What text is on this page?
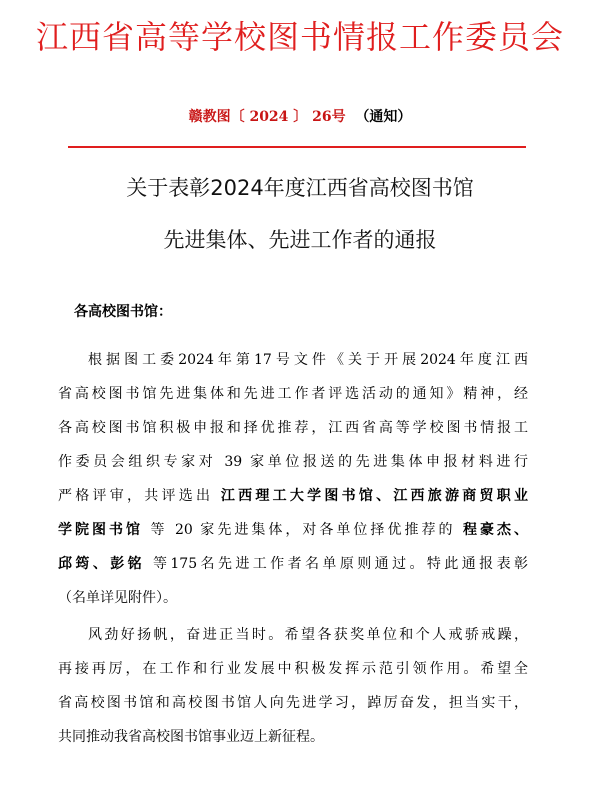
江西省高等学校图书情报工作委员会
赣教图〔 2024 〕 26号 （通知）
关于表彰2024年度江西省高校图书馆
先进集体、先进工作者的通报
各高校图书馆：
根据图工委2024年第17号文件《关于开展2024年度江西
省高校图书馆先进集体和先进工作者评选活动的通知》精神，经
各高校图书馆积极申报和择优推荐，江西省高等学校图书情报工
作委员会组织专家对 39 家单位报送的先进集体申报材料进行
严格评审，共评选出 江西理工大学图书馆、江西旅游商贸职业
学院图书馆 等 20 家先进集体，对各单位择优推荐的 程豪杰、
邱筠、彭铭 等175名先进工作者名单原则通过。特此通报表彰
（名单详见附件）。
风劲好扬帆，奋进正当时。希望各获奖单位和个人戒骄戒躁，
再接再厉，在工作和行业发展中积极发挥示范引领作用。希望全
省高校图书馆和高校图书馆人向先进学习，踔厉奋发，担当实干，
共同推动我省高校图书馆事业迈上新征程。
